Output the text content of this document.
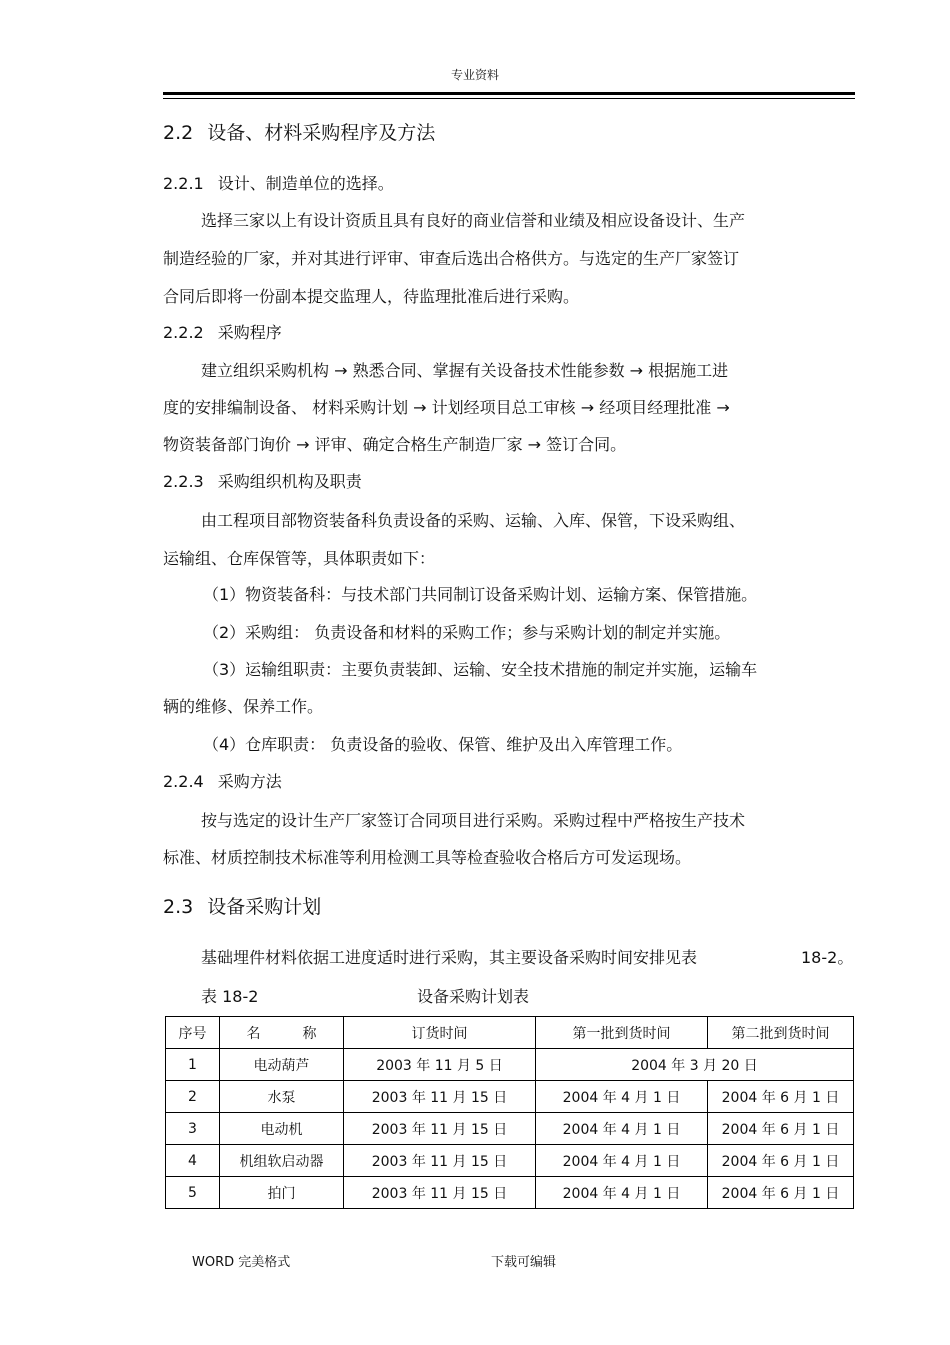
专业资料
2.2 设备、材料采购程序及方法
2.2.1 设计、制造单位的选择。
选择三家以上有设计资质且具有良好的商业信誉和业绩及相应设备设计、生产
制造经验的厂家，并对其进行评审、审查后选出合格供方。与选定的生产厂家签订
合同后即将一份副本提交监理人，待监理批准后进行采购。
2.2.2 采购程序
建立组织采购机构 → 熟悉合同、掌握有关设备技术性能参数 → 根据施工进
度的安排编制设备、 材料采购计划 → 计划经项目总工审核 → 经项目经理批准 →
物资装备部门询价 → 评审、确定合格生产制造厂家 → 签订合同。
2.2.3 采购组织机构及职责
由工程项目部物资装备科负责设备的采购、运输、入库、保管，下设采购组、
运输组、仓库保管等，具体职责如下：
（1）物资装备科：与技术部门共同制订设备采购计划、运输方案、保管措施。
（2）采购组： 负责设备和材料的采购工作；参与采购计划的制定并实施。
（3）运输组职责：主要负责装卸、运输、安全技术措施的制定并实施，运输车
辆的维修、保养工作。
（4）仓库职责： 负责设备的验收、保管、维护及出入库管理工作。
2.2.4 采购方法
按与选定的设计生产厂家签订合同项目进行采购。采购过程中严格按生产技术
标准、材质控制技术标准等利用检测工具等检查验收合格后方可发运现场。
2.3 设备采购计划
基础埋件材料依据工进度适时进行采购，其主要设备采购时间安排见表	18-2。
表 18-2	设备采购计划表
序号	名　　　称	订货时间	第一批到货时间	第二批到货时间
1	电动葫芦	2003 年 11 月 5 日	2004 年 3 月 20 日	
2	水泵	2003 年 11 月 15 日	2004 年 4 月 1 日	2004 年 6 月 1 日
3	电动机	2003 年 11 月 15 日	2004 年 4 月 1 日	2004 年 6 月 1 日
4	机组软启动器	2003 年 11 月 15 日	2004 年 4 月 1 日	2004 年 6 月 1 日
5	拍门	2003 年 11 月 15 日	2004 年 4 月 1 日	2004 年 6 月 1 日
WORD 完美格式	下载可编辑
